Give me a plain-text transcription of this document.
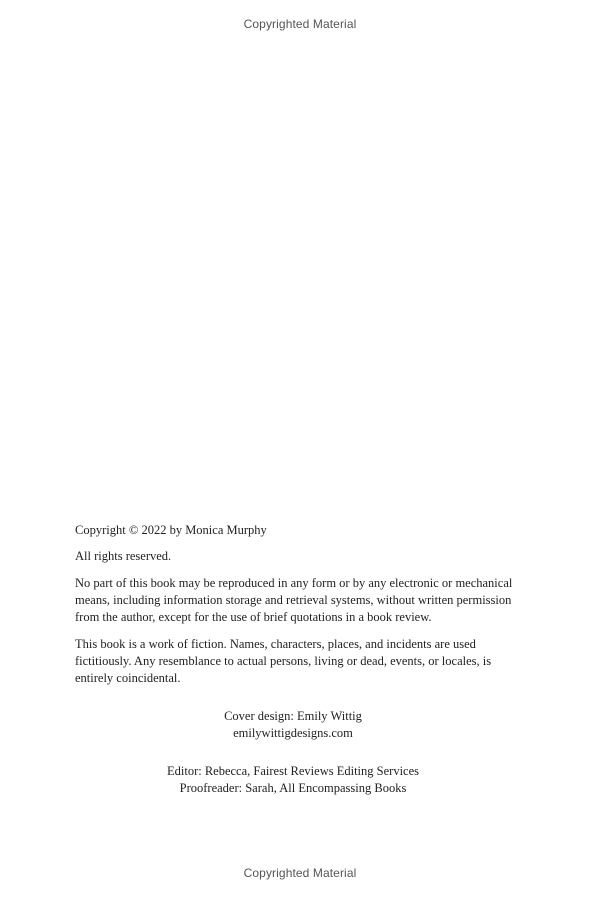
Copyrighted Material

Copyright © 2022 by Monica Murphy

All rights reserved.

No part of this book may be reproduced in any form or by any electronic or mechanical means, including information storage and retrieval systems, without written permission from the author, except for the use of brief quotations in a book review.

This book is a work of fiction. Names, characters, places, and incidents are used fictitiously. Any resemblance to actual persons, living or dead, events, or locales, is entirely coincidental.

Cover design: Emily Wittig
emilywittigdesigns.com
Editor: Rebecca, Fairest Reviews Editing Services
Proofreader: Sarah, All Encompassing Books
Copyrighted Material
